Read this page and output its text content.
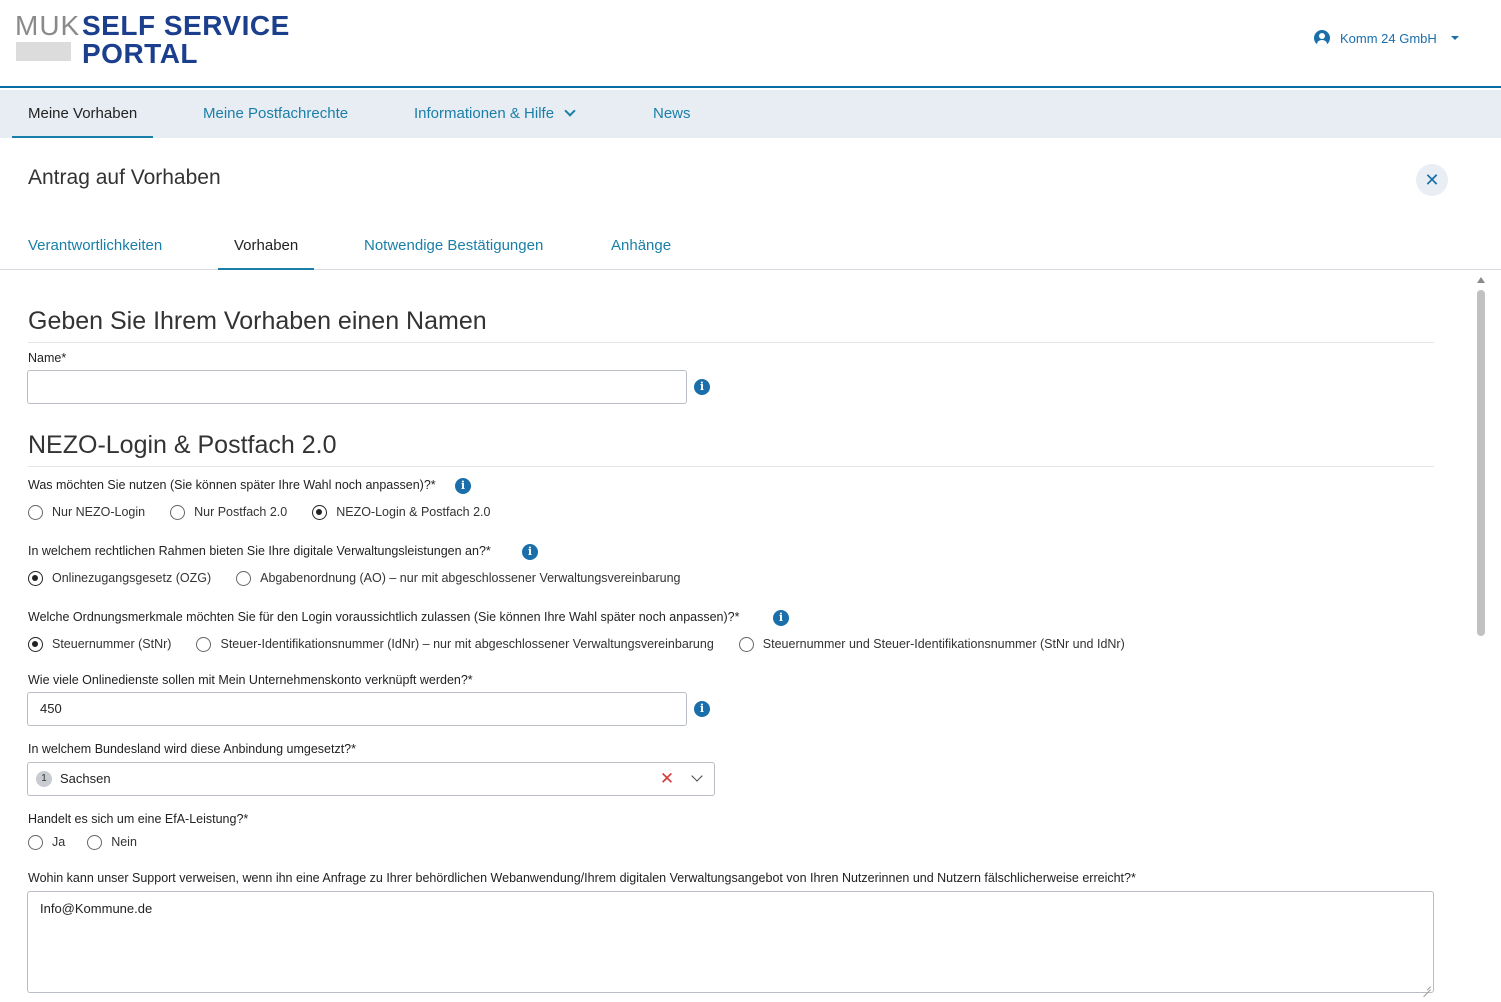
MUK SELF SERVICE
PORTAL	Komm 24 GmbH
Meine Vorhaben	Meine Postfachrechte	Informationen & Hilfe	News
Antrag auf Vorhaben	✕
Verantwortlichkeiten	Vorhaben	Notwendige Bestätigungen	Anhänge
Geben Sie Ihrem Vorhaben einen Namen
Name*
i
NEZO-Login & Postfach 2.0
Was möchten Sie nutzen (Sie können später Ihre Wahl noch anpassen)?*	i
Nur NEZO-Login	Nur Postfach 2.0	NEZO-Login & Postfach 2.0
In welchem rechtlichen Rahmen bieten Sie Ihre digitale Verwaltungsleistungen an?*	i
Onlinezugangsgesetz (OZG)	Abgabenordnung (AO) – nur mit abgeschlossener Verwaltungsvereinbarung
Welche Ordnungsmerkmale möchten Sie für den Login voraussichtlich zulassen (Sie können Ihre Wahl später noch anpassen)?*	i
Steuernummer (StNr)	Steuer-Identifikationsnummer (IdNr) – nur mit abgeschlossener Verwaltungsvereinbarung	Steuernummer und Steuer-Identifikationsnummer (StNr und IdNr)
Wie viele Onlinedienste sollen mit Mein Unternehmenskonto verknüpft werden?*
450	i
In welchem Bundesland wird diese Anbindung umgesetzt?*
1	Sachsen	✕
Handelt es sich um eine EfA-Leistung?*
Ja	Nein
Wohin kann unser Support verweisen, wenn ihn eine Anfrage zu Ihrer behördlichen Webanwendung/Ihrem digitalen Verwaltungsangebot von Ihren Nutzerinnen und Nutzern fälschlicherweise erreicht?*
Info@Kommune.de
